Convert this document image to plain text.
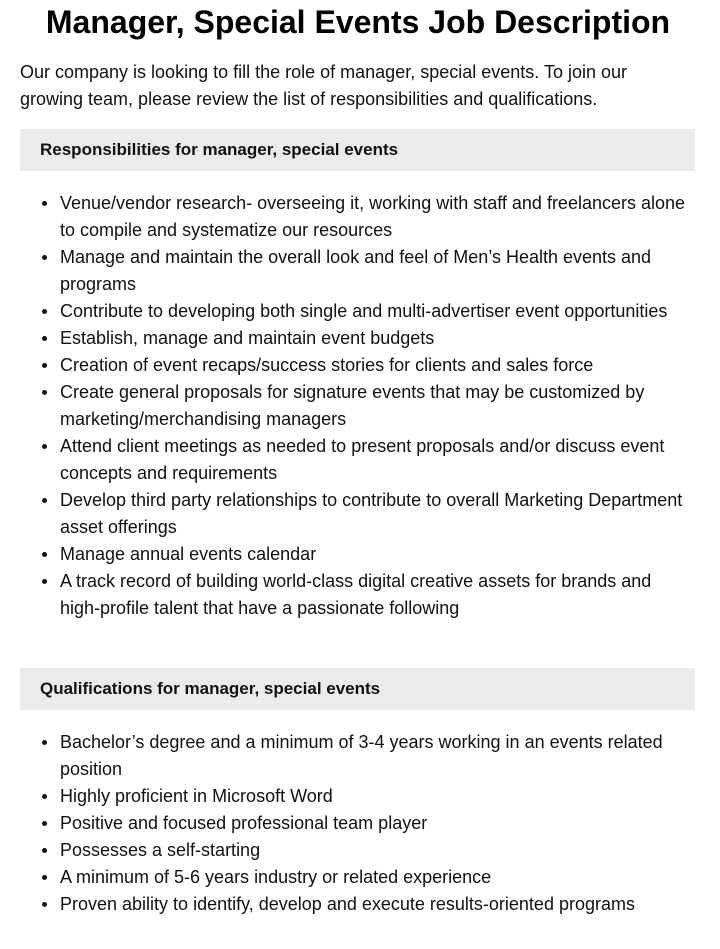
Manager, Special Events Job Description

Our company is looking to fill the role of manager, special events. To join our growing team, please review the list of responsibilities and qualifications.

Responsibilities for manager, special events
Venue/vendor research- overseeing it, working with staff and freelancers alone to compile and systematize our resources
Manage and maintain the overall look and feel of Men’s Health events and programs
Contribute to developing both single and multi-advertiser event opportunities
Establish, manage and maintain event budgets
Creation of event recaps/success stories for clients and sales force
Create general proposals for signature events that may be customized by marketing/merchandising managers
Attend client meetings as needed to present proposals and/or discuss event concepts and requirements
Develop third party relationships to contribute to overall Marketing Department asset offerings
Manage annual events calendar
A track record of building world-class digital creative assets for brands and high-profile talent that have a passionate following
Qualifications for manager, special events
Bachelor’s degree and a minimum of 3-4 years working in an events related position
Highly proficient in Microsoft Word
Positive and focused professional team player
Possesses a self-starting
A minimum of 5-6 years industry or related experience
Proven ability to identify, develop and execute results-oriented programs
